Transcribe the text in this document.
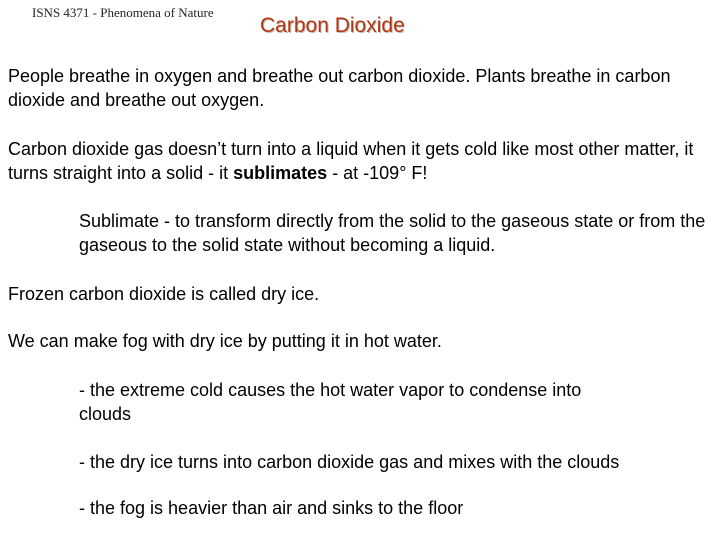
ISNS 4371 - Phenomena of Nature
Carbon Dioxide
People breathe in oxygen and breathe out carbon dioxide. Plants breathe in carbon dioxide and breathe out oxygen.
Carbon dioxide gas doesn’t turn into a liquid when it gets cold like most other matter, it turns straight into a solid - it sublimates - at -109° F!
Sublimate - to transform directly from the solid to the gaseous state or from the gaseous to the solid state without becoming a liquid.
Frozen carbon dioxide is called dry ice.
We can make fog with dry ice by putting it in hot water.
- the extreme cold causes the hot water vapor to condense into clouds
- the dry ice turns into carbon dioxide gas and mixes with the clouds
- the fog is heavier than air and sinks to the floor
